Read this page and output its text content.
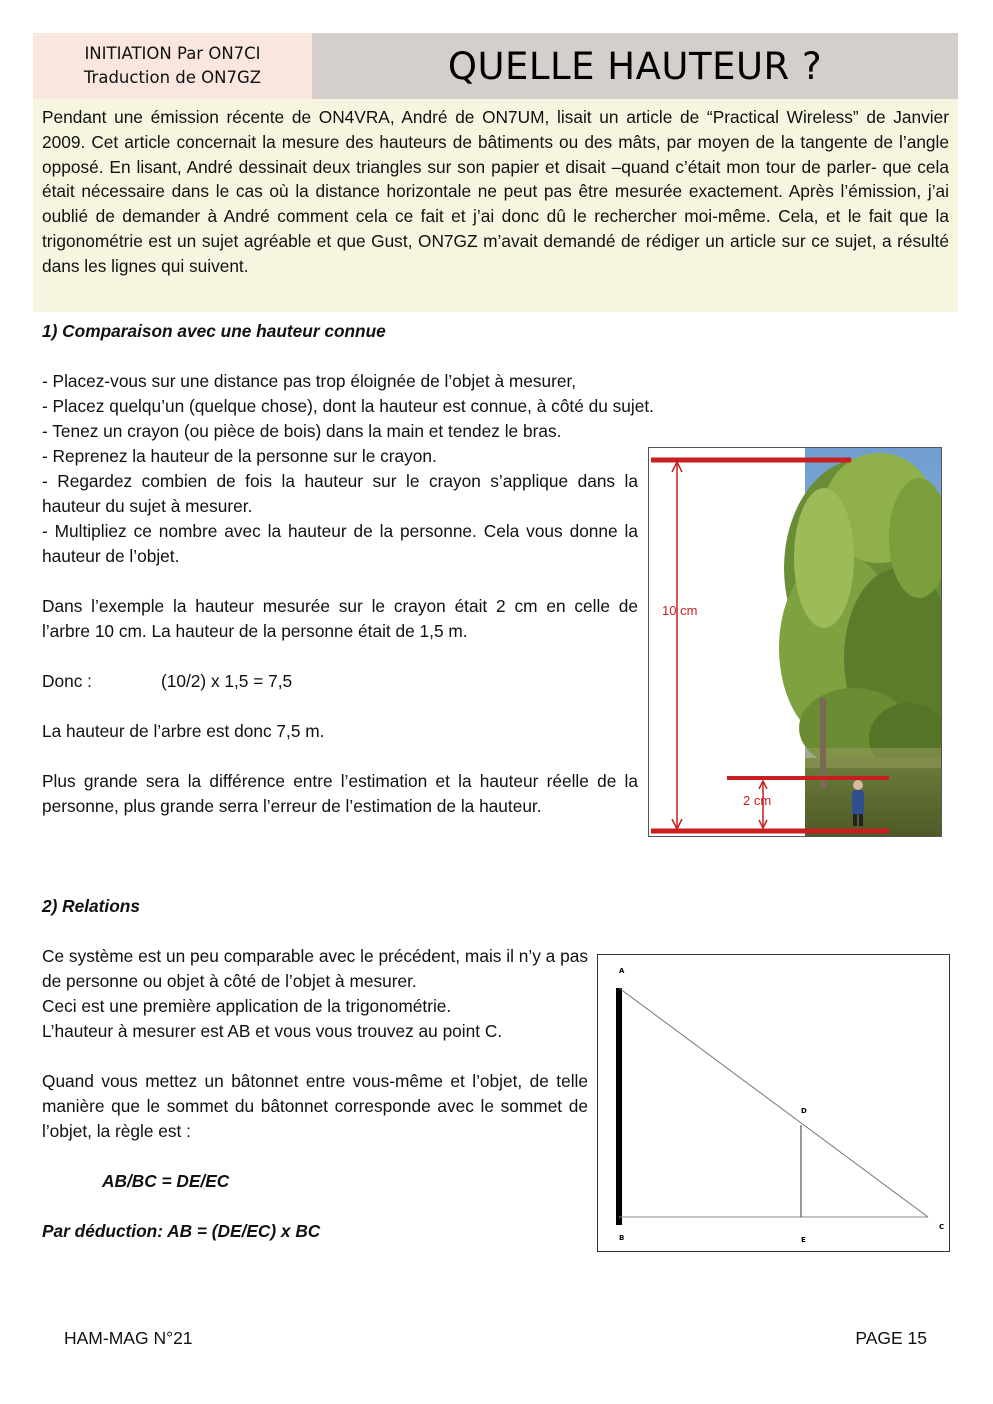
INITIATION Par ON7CI
Traduction de ON7GZ	QUELLE HAUTEUR ?

Pendant une émission récente de ON4VRA, André de ON7UM, lisait un article de “Practical Wireless” de Janvier 2009. Cet article concernait la mesure des hauteurs de bâtiments ou des mâts, par moyen de la tangente de l’angle opposé. En lisant, André dessinait deux triangles sur son papier et disait –quand c’était mon tour de parler- que cela était nécessaire dans le cas où la distance horizontale ne peut pas être mesurée exactement. Après l’émission, j’ai oublié de demander à André comment cela ce fait et j’ai donc dû le rechercher moi-même. Cela, et le fait que la trigonométrie est un sujet agréable et que Gust, ON7GZ m’avait demandé de rédiger un article sur ce sujet, a résulté dans les lignes qui suivent.

1) Comparaison avec une hauteur connue

- Placez-vous sur une distance pas trop éloignée de l’objet à mesurer,

- Placez quelqu’un (quelque chose), dont la hauteur est connue, à côté du sujet.

- Tenez un crayon (ou pièce de bois) dans la main et tendez le bras.

- Reprenez la hauteur de la personne sur le crayon.

- Regardez combien de fois la hauteur sur le crayon s’applique dans la hauteur du sujet à mesurer.

- Multipliez ce nombre avec la hauteur de la personne. Cela vous donne la hauteur de l’objet.

Dans l’exemple la hauteur mesurée sur le crayon était 2 cm en celle de l’arbre 10 cm. La hauteur de la personne était de 1,5 m.

Donc :	(10/2) x 1,5 = 7,5

La hauteur de l’arbre est donc 7,5 m.

Plus grande sera la différence entre l’estimation et la hauteur réelle de la personne, plus grande serra l’erreur de l’estimation de la hauteur.

10 cm
2 cm

2) Relations

Ce système est un peu comparable avec le précédent, mais il n’y a pas de personne ou objet à côté de l’objet à mesurer.

Ceci est une première application de la trigonométrie.

L’hauteur à mesurer est AB et vous vous trouvez au point C.

Quand vous mettez un bâtonnet entre vous-même et l’objet, de telle manière que le sommet du bâtonnet corresponde avec le sommet de l’objet, la règle est :

AB/BC = DE/EC

Par déduction: AB = (DE/EC) x BC

A
B
C
D
E
HAM-MAG N°21	PAGE 15
